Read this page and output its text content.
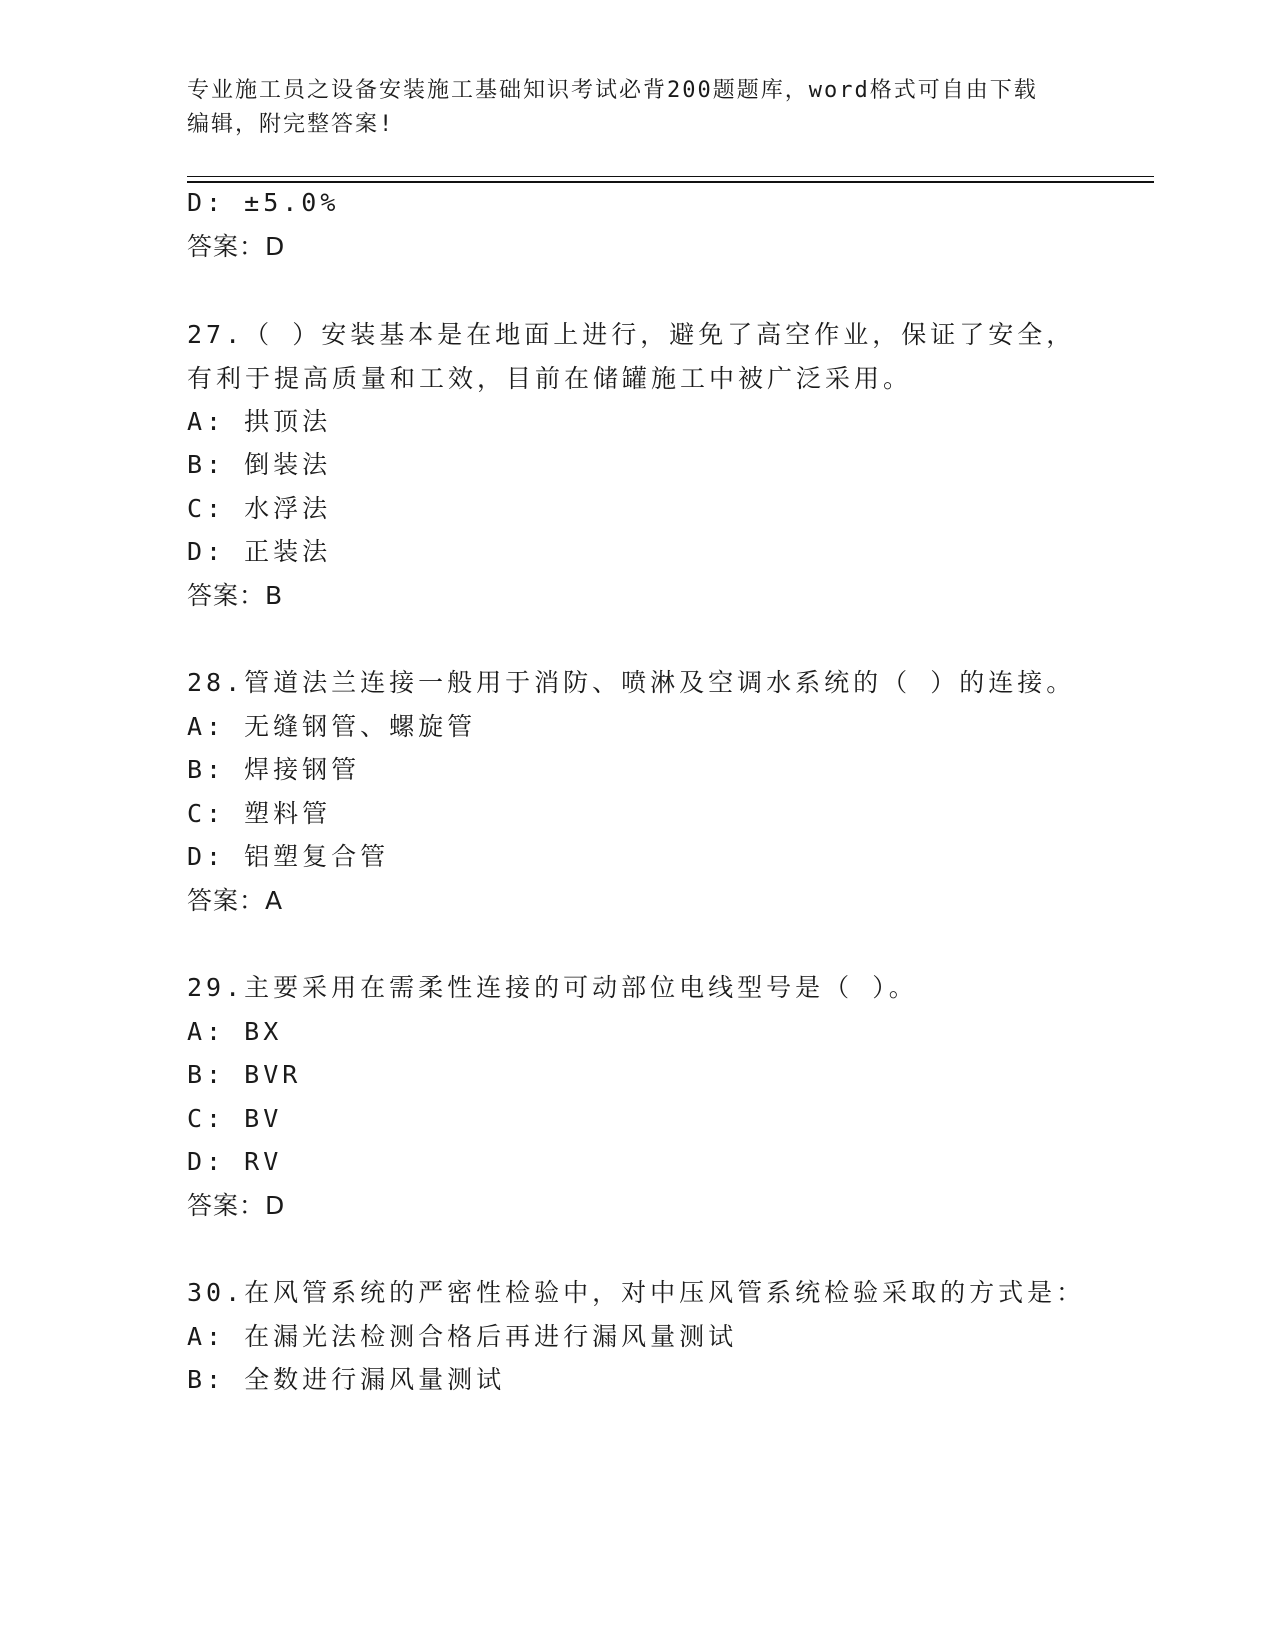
专业施工员之设备安装施工基础知识考试必背200题题库，word格式可自由下载
编辑，附完整答案!
D: ±5.0%
答案：D
27.（ ）安装基本是在地面上进行，避免了高空作业，保证了安全，
有利于提高质量和工效，目前在储罐施工中被广泛采用。
A: 拱顶法
B: 倒装法
C: 水浮法
D: 正装法
答案：B
28.管道法兰连接一般用于消防、喷淋及空调水系统的（ ）的连接。
A: 无缝钢管、螺旋管
B: 焊接钢管
C: 塑料管
D: 铝塑复合管
答案：A
29.主要采用在需柔性连接的可动部位电线型号是（ ）。
A: BX
B: BVR
C: BV
D: RV
答案：D
30.在风管系统的严密性检验中，对中压风管系统检验采取的方式是：
A: 在漏光法检测合格后再进行漏风量测试
B: 全数进行漏风量测试
